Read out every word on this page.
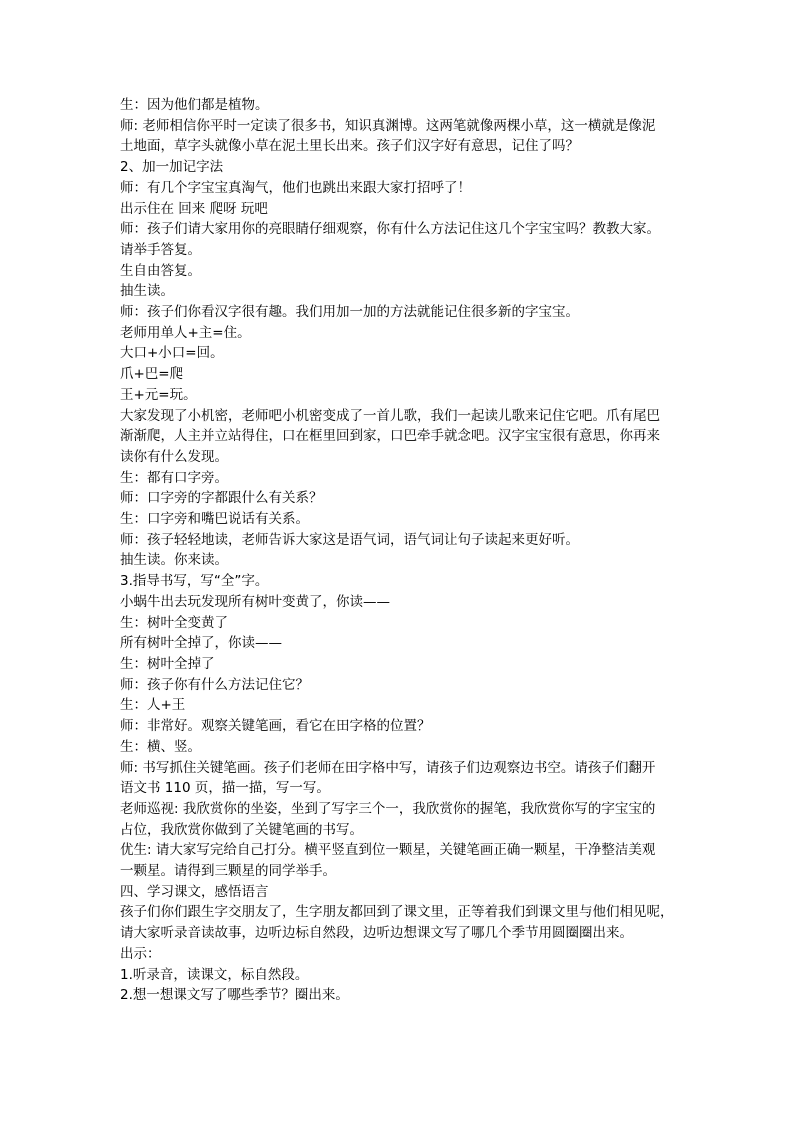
生：因为他们都是植物。
师: 老师相信你平时一定读了很多书，知识真渊博。这两笔就像两棵小草，这一横就是像泥
土地面，草字头就像小草在泥土里长出来。孩子们汉字好有意思，记住了吗？
2、加一加记字法
师：有几个字宝宝真淘气，他们也跳出来跟大家打招呼了！
出示住在 回来 爬呀 玩吧
师：孩子们请大家用你的亮眼睛仔细观察，你有什么方法记住这几个字宝宝吗？教教大家。
请举手答复。
生自由答复。
抽生读。
师：孩子们你看汉字很有趣。我们用加一加的方法就能记住很多新的字宝宝。
老师用单人+主=住。
大口+小口=回。
爪+巴=爬
王+元=玩。
大家发现了小机密，老师吧小机密变成了一首儿歌，我们一起读儿歌来记住它吧。爪有尾巴
渐渐爬，人主并立站得住，口在框里回到家，口巴牵手就念吧。汉字宝宝很有意思，你再来
读你有什么发现。
生：都有口字旁。
师：口字旁的字都跟什么有关系？
生：口字旁和嘴巴说话有关系。
师：孩子轻轻地读，老师告诉大家这是语气词，语气词让句子读起来更好听。
抽生读。你来读。
3.指导书写，写“全”字。
小蜗牛出去玩发现所有树叶变黄了，你读——
生：树叶全变黄了
所有树叶全掉了，你读——
生：树叶全掉了
师：孩子你有什么方法记住它？
生：人+王
师：非常好。观察关键笔画，看它在田字格的位置？
生：横、竖。
师: 书写抓住关键笔画。孩子们老师在田字格中写，请孩子们边观察边书空。请孩子们翻开
语文书 110 页，描一描，写一写。
老师巡视: 我欣赏你的坐姿，坐到了写字三个一，我欣赏你的握笔，我欣赏你写的字宝宝的
占位，我欣赏你做到了关键笔画的书写。
优生: 请大家写完给自己打分。横平竖直到位一颗星，关键笔画正确一颗星，干净整洁美观
一颗星。请得到三颗星的同学举手。
四、学习课文，感悟语言
孩子们你们跟生字交朋友了，生字朋友都回到了课文里，正等着我们到课文里与他们相见呢，
请大家听录音读故事，边听边标自然段，边听边想课文写了哪几个季节用圆圈圈出来。
出示：
1.听录音，读课文，标自然段。
2.想一想课文写了哪些季节？圈出来。
